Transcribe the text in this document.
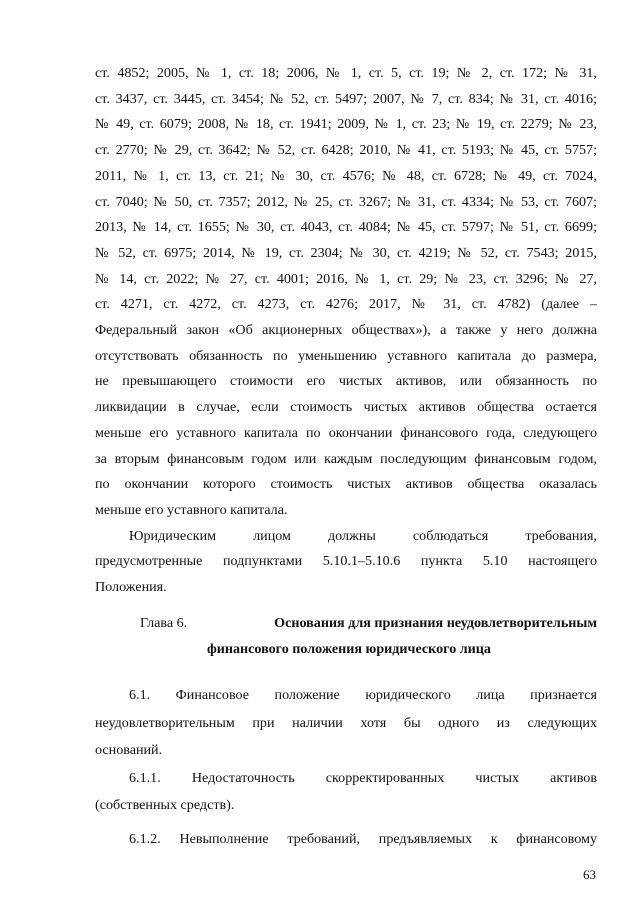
ст. 4852; 2005, № 1, ст. 18; 2006, № 1, ст. 5, ст. 19; № 2, ст. 172; № 31,
ст. 3437, ст. 3445, ст. 3454; № 52, ст. 5497; 2007, № 7, ст. 834; № 31, ст. 4016;
№ 49, ст. 6079; 2008, № 18, ст. 1941; 2009, № 1, ст. 23; № 19, ст. 2279; № 23,
ст. 2770; № 29, ст. 3642; № 52, ст. 6428; 2010, № 41, ст. 5193; № 45, ст. 5757;
2011, № 1, ст. 13, ст. 21; № 30, ст. 4576; № 48, ст. 6728; № 49, ст. 7024,
ст. 7040; № 50, ст. 7357; 2012, № 25, ст. 3267; № 31, ст. 4334; № 53, ст. 7607;
2013, № 14, ст. 1655; № 30, ст. 4043, ст. 4084; № 45, ст. 5797; № 51, ст. 6699;
№ 52, ст. 6975; 2014, № 19, ст. 2304; № 30, ст. 4219; № 52, ст. 7543; 2015,
№ 14, ст. 2022; № 27, ст. 4001; 2016, № 1, ст. 29; № 23, ст. 3296; № 27,
ст. 4271, ст. 4272, ст. 4273, ст. 4276; 2017, № 31, ст. 4782) (далее –
Федеральный закон «Об акционерных обществах»), а также у него должна
отсутствовать обязанность по уменьшению уставного капитала до размера,
не превышающего стоимости его чистых активов, или обязанность по
ликвидации в случае, если стоимость чистых активов общества остается
меньше его уставного капитала по окончании финансового года, следующего
за вторым финансовым годом или каждым последующим финансовым годом,
по окончании которого стоимость чистых активов общества оказалась
меньше его уставного капитала.
Юридическим лицом должны соблюдаться требования,
предусмотренные подпунктами 5.10.1–5.10.6 пункта 5.10 настоящего
Положения.
Глава 6.	Основания для признания неудовлетворительным
финансового положения юридического лица
6.1. Финансовое положение юридического лица признается
неудовлетворительным при наличии хотя бы одного из следующих
оснований.
6.1.1. Недостаточность скорректированных чистых активов
(собственных средств).
6.1.2. Невыполнение требований, предъявляемых к финансовому
63
